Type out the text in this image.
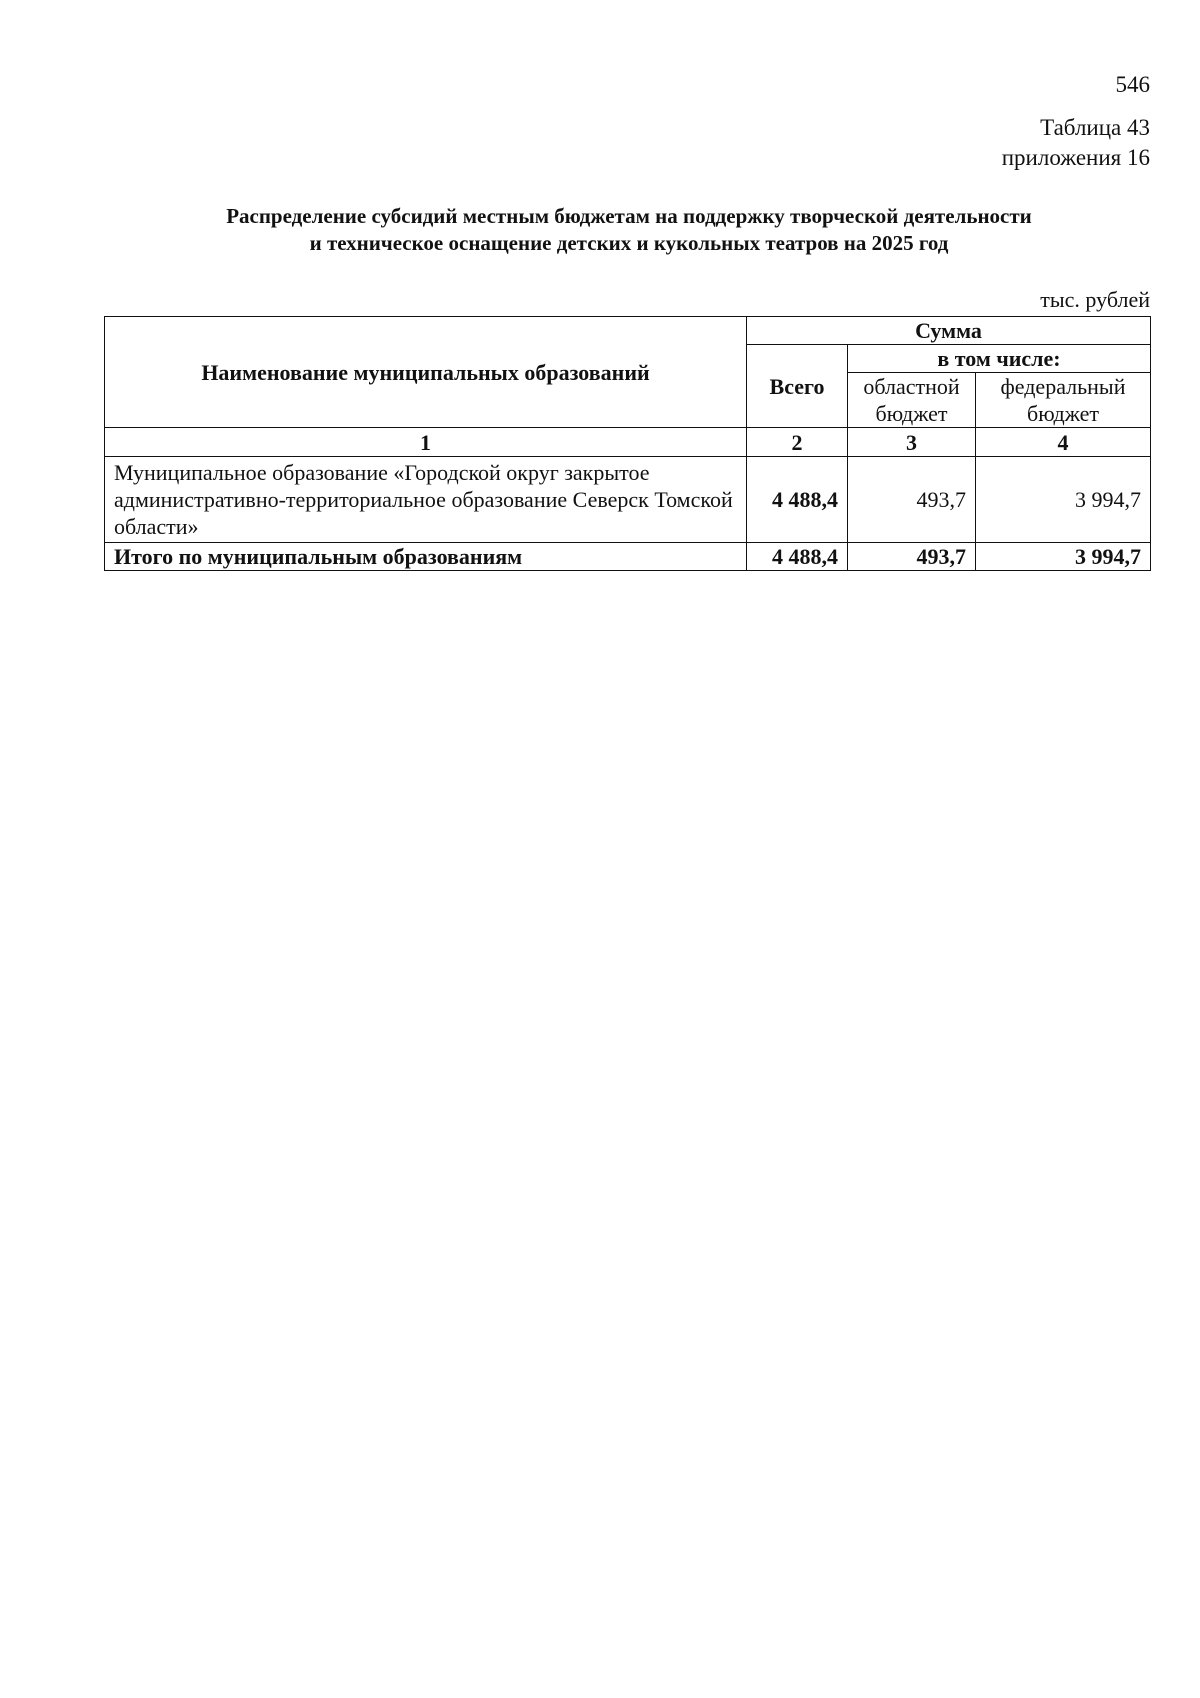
546
Таблица 43
приложения 16
Распределение субсидий местным бюджетам на поддержку творческой деятельности
и техническое оснащение детских и кукольных театров на 2025 год
тыс. рублей
Наименование муниципальных образований	Сумма		
	Всего	в том числе:	
		областной бюджет	федеральный бюджет
1	2	3	4
Муниципальное образование «Городской округ закрытое административно-территориальное образование Северск Томской области»	4 488,4	493,7	3 994,7
Итого по муниципальным образованиям	4 488,4	493,7	3 994,7
